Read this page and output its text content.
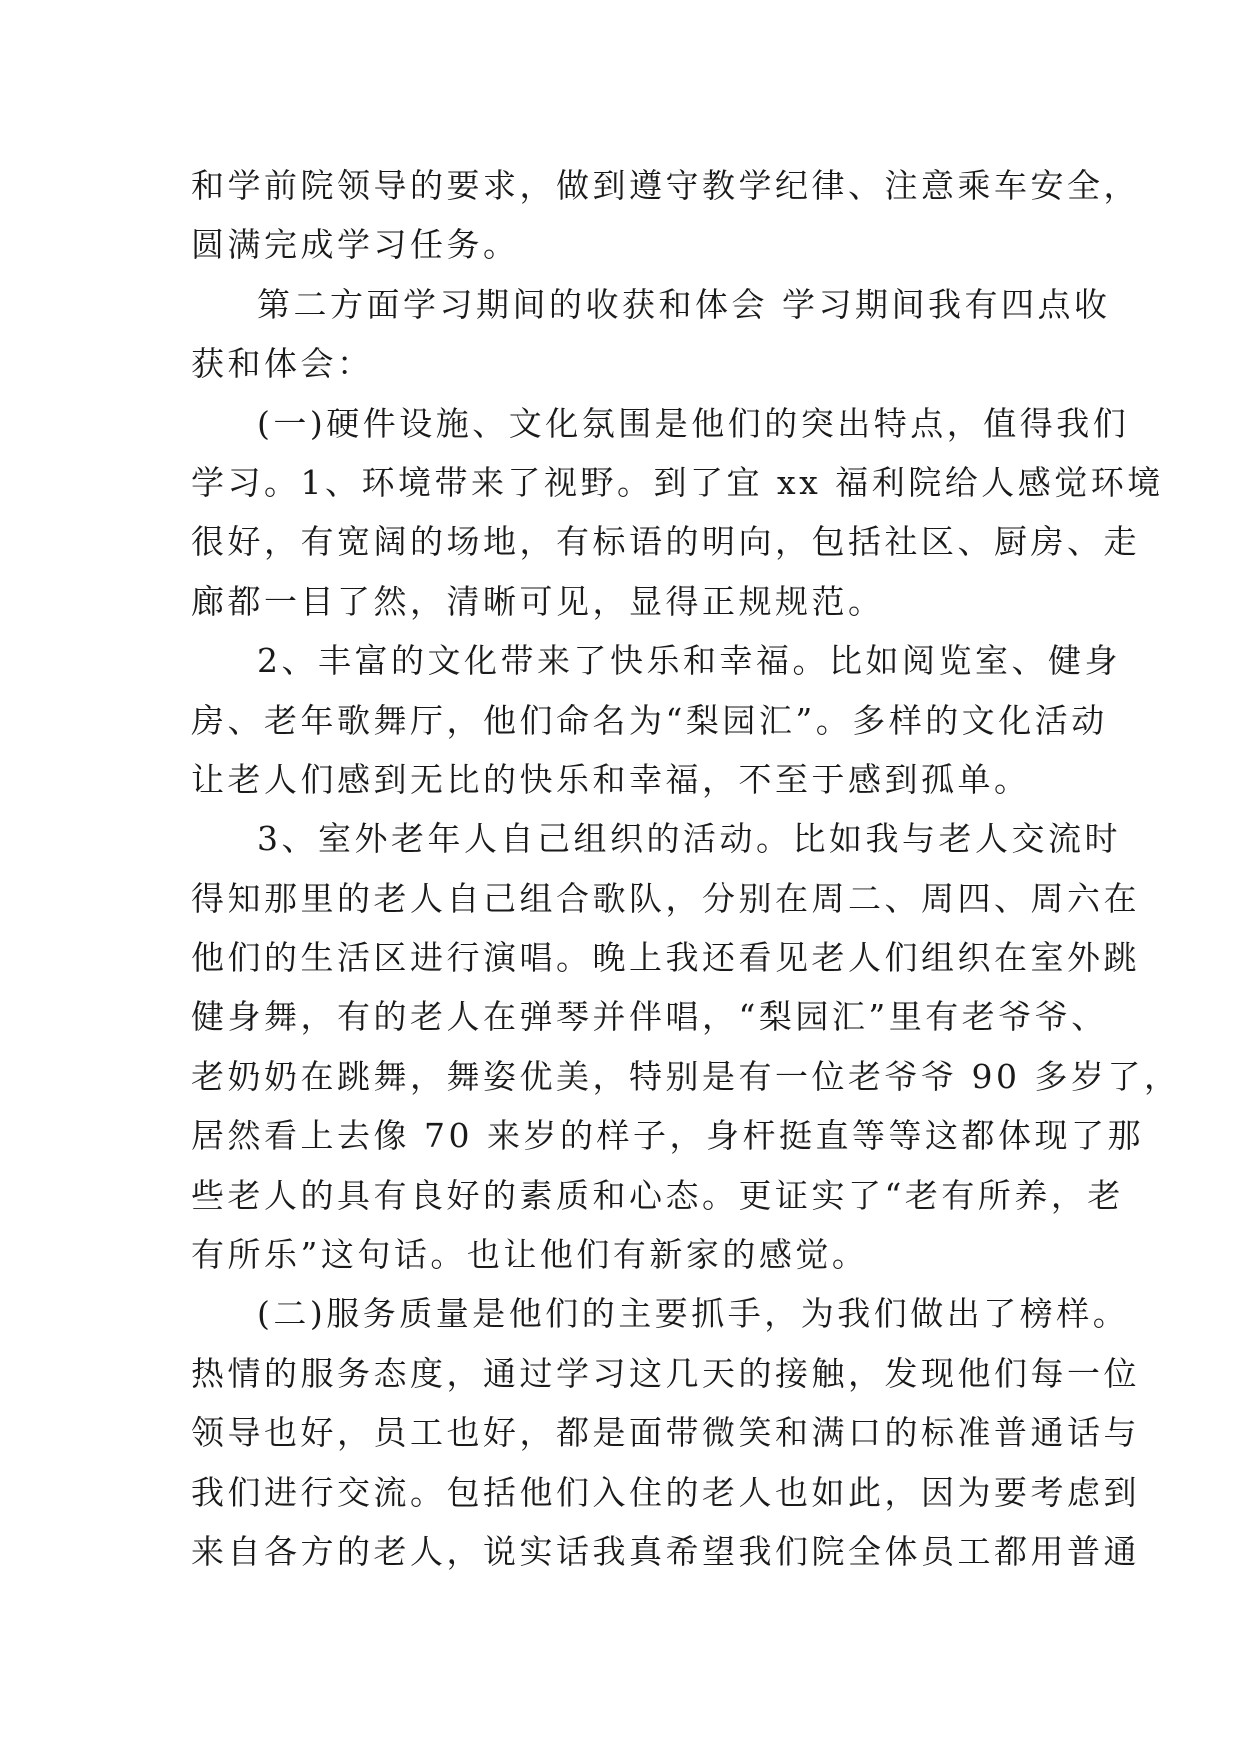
和学前院领导的要求，做到遵守教学纪律、注意乘车安全，
圆满完成学习任务。
第二方面学习期间的收获和体会 学习期间我有四点收
获和体会：
(一)硬件设施、文化氛围是他们的突出特点，值得我们
学习。1、环境带来了视野。到了宜 xx 福利院给人感觉环境
很好，有宽阔的场地，有标语的明向，包括社区、厨房、走
廊都一目了然，清晰可见，显得正规规范。
2、丰富的文化带来了快乐和幸福。比如阅览室、健身
房、老年歌舞厅，他们命名为“梨园汇”。多样的文化活动
让老人们感到无比的快乐和幸福，不至于感到孤单。
3、室外老年人自己组织的活动。比如我与老人交流时
得知那里的老人自己组合歌队，分别在周二、周四、周六在
他们的生活区进行演唱。晚上我还看见老人们组织在室外跳
健身舞，有的老人在弹琴并伴唱，“梨园汇”里有老爷爷、
老奶奶在跳舞，舞姿优美，特别是有一位老爷爷 90 多岁了，
居然看上去像 70 来岁的样子，身杆挺直等等这都体现了那
些老人的具有良好的素质和心态。更证实了“老有所养，老
有所乐”这句话。也让他们有新家的感觉。
(二)服务质量是他们的主要抓手，为我们做出了榜样。
热情的服务态度，通过学习这几天的接触，发现他们每一位
领导也好，员工也好，都是面带微笑和满口的标准普通话与
我们进行交流。包括他们入住的老人也如此，因为要考虑到
来自各方的老人，说实话我真希望我们院全体员工都用普通
